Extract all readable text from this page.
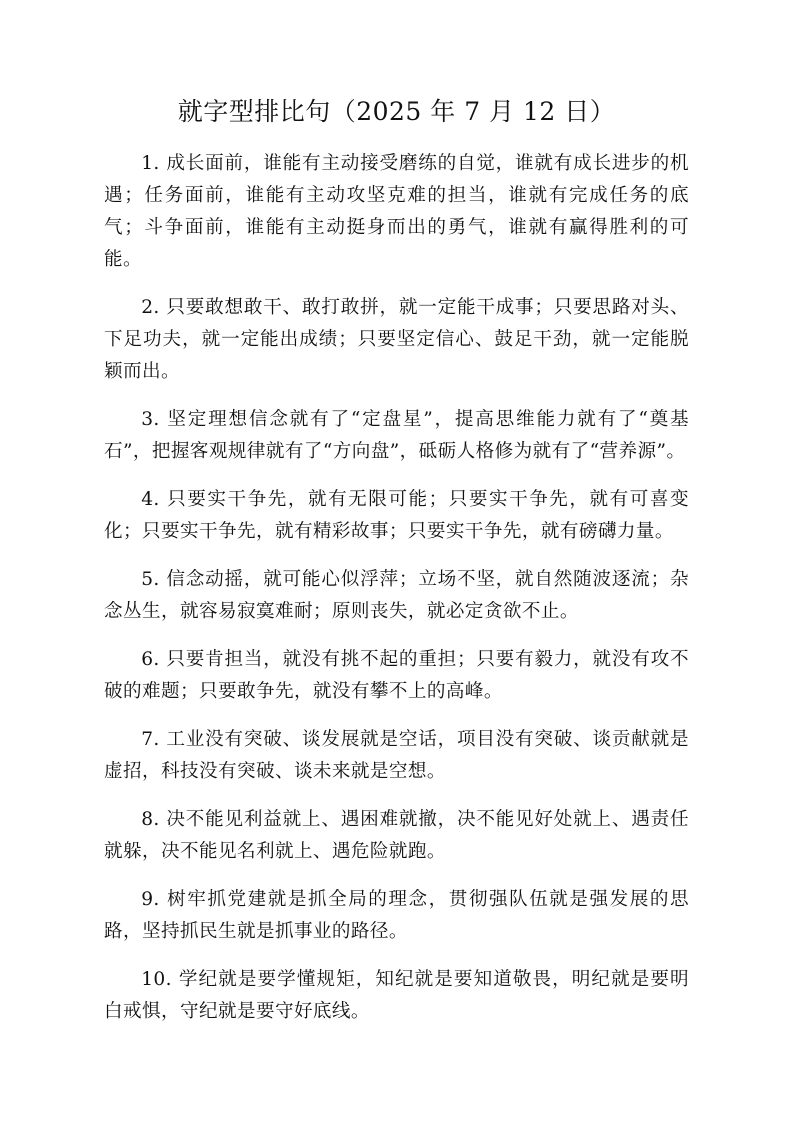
就字型排比句（2025 年 7 月 12 日）

1. 成长面前，谁能有主动接受磨练的自觉，谁就有成长进步的机遇；任务面前，谁能有主动攻坚克难的担当，谁就有完成任务的底气；斗争面前，谁能有主动挺身而出的勇气，谁就有赢得胜利的可能。

2. 只要敢想敢干、敢打敢拼，就一定能干成事；只要思路对头、下足功夫，就一定能出成绩；只要坚定信心、鼓足干劲，就一定能脱颖而出。

3. 坚定理想信念就有了“定盘星”，提高思维能力就有了“奠基石”，把握客观规律就有了“方向盘”，砥砺人格修为就有了“营养源”。

4. 只要实干争先，就有无限可能；只要实干争先，就有可喜变化；只要实干争先，就有精彩故事；只要实干争先，就有磅礴力量。

5. 信念动摇，就可能心似浮萍；立场不坚，就自然随波逐流；杂念丛生，就容易寂寞难耐；原则丧失，就必定贪欲不止。

6. 只要肯担当，就没有挑不起的重担；只要有毅力，就没有攻不破的难题；只要敢争先，就没有攀不上的高峰。

7. 工业没有突破、谈发展就是空话，项目没有突破、谈贡献就是虚招，科技没有突破、谈未来就是空想。

8. 决不能见利益就上、遇困难就撤，决不能见好处就上、遇责任就躲，决不能见名利就上、遇危险就跑。

9. 树牢抓党建就是抓全局的理念，贯彻强队伍就是强发展的思路，坚持抓民生就是抓事业的路径。

10. 学纪就是要学懂规矩，知纪就是要知道敬畏，明纪就是要明白戒惧，守纪就是要守好底线。
